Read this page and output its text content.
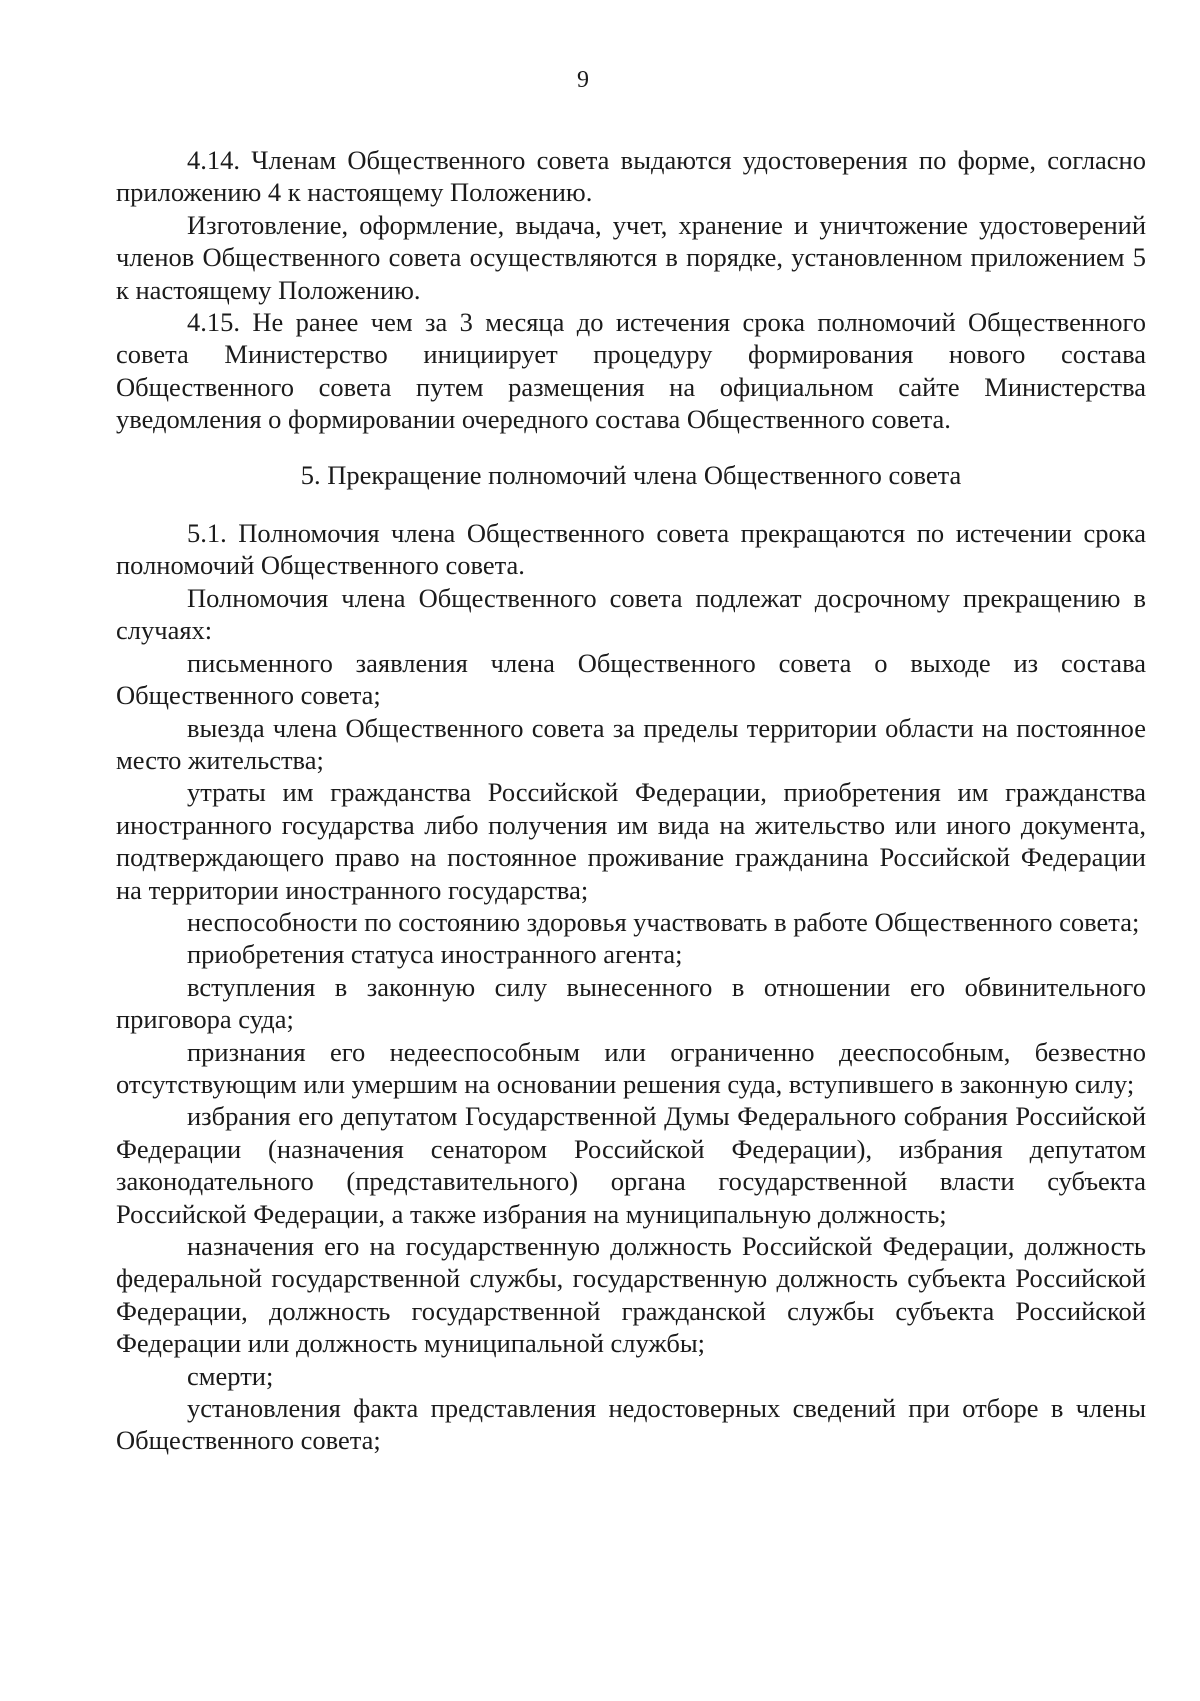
9

4.14. Членам Общественного совета выдаются удостоверения по форме, согласно приложению 4 к настоящему Положению.

Изготовление, оформление, выдача, учет, хранение и уничтожение удостоверений членов Общественного совета осуществляются в порядке, установленном приложением 5 к настоящему Положению.

4.15. Не ранее чем за 3 месяца до истечения срока полномочий Общественного совета Министерство инициирует процедуру формирования нового состава Общественного совета путем размещения на официальном сайте Министерства уведомления о формировании очередного состава Общественного совета.

5. Прекращение полномочий члена Общественного совета

5.1. Полномочия члена Общественного совета прекращаются по истечении срока полномочий Общественного совета.

Полномочия члена Общественного совета подлежат досрочному прекращению в случаях:

письменного заявления члена Общественного совета о выходе из состава Общественного совета;

выезда члена Общественного совета за пределы территории области на постоянное место жительства;

утраты им гражданства Российской Федерации, приобретения им гражданства иностранного государства либо получения им вида на жительство или иного документа, подтверждающего право на постоянное проживание гражданина Российской Федерации на территории иностранного государства;

неспособности по состоянию здоровья участвовать в работе Общественного совета;

приобретения статуса иностранного агента;

вступления в законную силу вынесенного в отношении его обвинительного приговора суда;

признания его недееспособным или ограниченно дееспособным, безвестно отсутствующим или умершим на основании решения суда, вступившего в законную силу;

избрания его депутатом Государственной Думы Федерального собрания Российской Федерации (назначения сенатором Российской Федерации), избрания депутатом законодательного (представительного) органа государственной власти субъекта Российской Федерации, а также избрания на муниципальную должность;

назначения его на государственную должность Российской Федерации, должность федеральной государственной службы, государственную должность субъекта Российской Федерации, должность государственной гражданской службы субъекта Российской Федерации или должность муниципальной службы;

смерти;

установления факта представления недостоверных сведений при отборе в члены Общественного совета;
